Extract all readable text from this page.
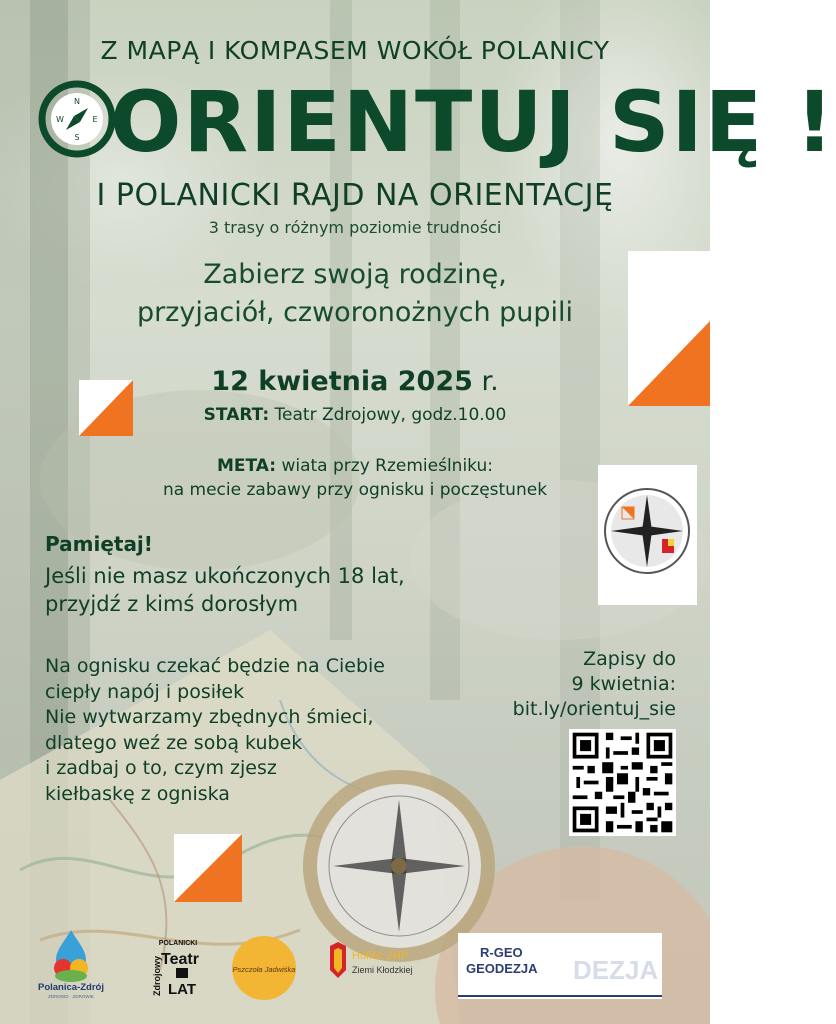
Z MAPĄ I KOMPASEM WOKÓŁ POLANICY
N
E
S
W ORIENTUJ SIĘ !
I POLANICKI RAJD NA ORIENTACJĘ
3 trasy o różnym poziomie trudności
Zabierz swoją rodzinę,
przyjaciół, czworonożnych pupili
12 kwietnia 2025 r.
START: Teatr Zdrojowy, godz.10.00
META: wiata przy Rzemieślniku:
na mecie zabawy przy ognisku i poczęstunek
Pamiętaj!
Jeśli nie masz ukończonych 18 lat,
przyjdź z kimś dorosłym
Na ognisku czekać będzie na Ciebie
ciepły napój i posiłek
Nie wytwarzamy zbędnych śmieci,
dlatego weź ze sobą kubek
i zadbaj o to, czym zjesz
kiełbaskę z ogniska
Zapisy do
9 kwietnia:
bit.ly/orientuj_sie
Polanica-Zdrój
ZDROWO · ZDROWIE
POLANICKI
Teatr
LAT
Zdrojowy	Pszczoła Jadwiśka
Hufiec ZHP
Ziemi Kłodzkiej	DEZJA
R-GEO
GEODEZJA
